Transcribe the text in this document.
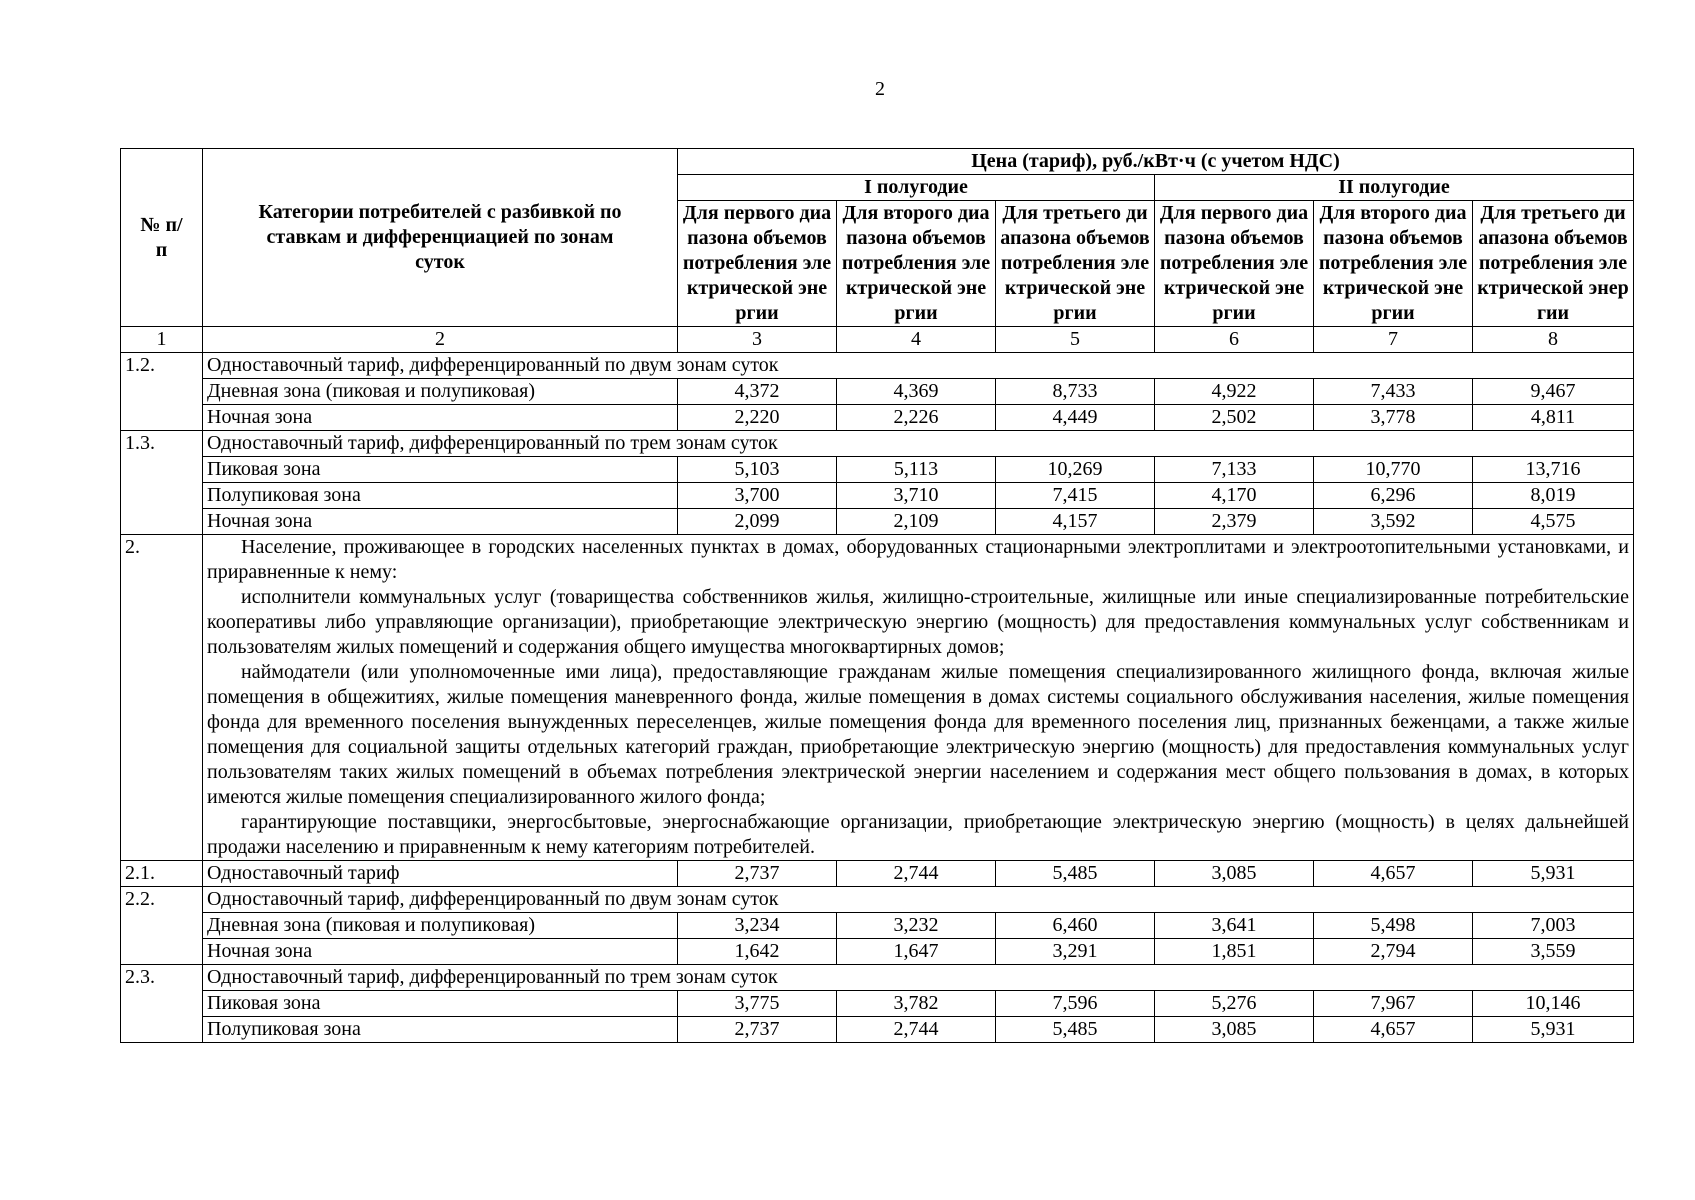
2
№ п/п	Категории потребителей с разбивкой по ставкам и дифференциацией по зонам суток	Цена (тариф), руб./кВт·ч (с учетом НДС)					
		I полугодие			II полугодие		
		Для первого диапазона объемов потребления электрической энергии	Для второго диапазона объемов потребления электрической энергии	Для третьего диапазона объемов потребления электрической энергии	Для первого диапазона объемов потребления электрической энергии	Для второго диапазона объемов потребления электрической энергии	Для третьего диапазона объемов потребления электрической энергии
1	2	3	4	5	6	7	8
1.2.	Одноставочный тариф, дифференцированный по двум зонам суток						
	Дневная зона (пиковая и полупиковая)	4,372	4,369	8,733	4,922	7,433	9,467
	Ночная зона	2,220	2,226	4,449	2,502	3,778	4,811
1.3.	Одноставочный тариф, дифференцированный по трем зонам суток						
	Пиковая зона	5,103	5,113	10,269	7,133	10,770	13,716
	Полупиковая зона	3,700	3,710	7,415	4,170	6,296	8,019
	Ночная зона	2,099	2,109	4,157	2,379	3,592	4,575
2.	Население, проживающее в городских населенных пунктах в домах, оборудованных стационарными электроплитами и электроотопительными установками, и приравненные к нему:

исполнители коммунальных услуг (товарищества собственников жилья, жилищно-строительные, жилищные или иные специализированные потребительские кооперативы либо управляющие организации), приобретающие электрическую энергию (мощность) для предоставления коммунальных услуг собственникам и пользователям жилых помещений и содержания общего имущества многоквартирных домов;

наймодатели (или уполномоченные ими лица), предоставляющие гражданам жилые помещения специализированного жилищного фонда, включая жилые помещения в общежитиях, жилые помещения маневренного фонда, жилые помещения в домах системы социального обслуживания населения, жилые помещения фонда для временного поселения вынужденных переселенцев, жилые помещения фонда для временного поселения лиц, признанных беженцами, а также жилые помещения для социальной защиты отдельных категорий граждан, приобретающие электрическую энергию (мощность) для предоставления коммунальных услуг пользователям таких жилых помещений в объемах потребления электрической энергии населением и содержания мест общего пользования в домах, в которых имеются жилые помещения специализированного жилого фонда;

гарантирующие поставщики, энергосбытовые, энергоснабжающие организации, приобретающие электрическую энергию (мощность) в целях дальнейшей продажи населению и приравненным к нему категориям потребителей.						

2.1.	Одноставочный тариф	2,737	2,744	5,485	3,085	4,657	5,931
2.2.	Одноставочный тариф, дифференцированный по двум зонам суток						
	Дневная зона (пиковая и полупиковая)	3,234	3,232	6,460	3,641	5,498	7,003
	Ночная зона	1,642	1,647	3,291	1,851	2,794	3,559
2.3.	Одноставочный тариф, дифференцированный по трем зонам суток						
	Пиковая зона	3,775	3,782	7,596	5,276	7,967	10,146
	Полупиковая зона	2,737	2,744	5,485	3,085	4,657	5,931
